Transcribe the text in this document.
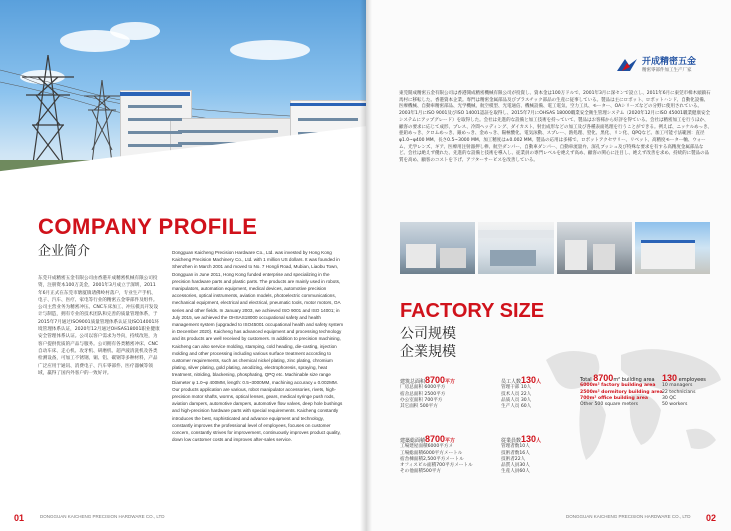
COMPANY PROFILE
企业简介
东莞开成精密五金有限公司由香港开成精密机械有限公司投资，注册资本100万美金，2001年3月成立于深圳，2011年6月正式在东莞市塘厦镇诸佛岭村落户，专业生产手机、电子、汽车、医疗、家电等行业的精密五金零部件及组件。公司主营业务为精密冲压、CNC车床加工、冲压模具开发设计与制造，拥有专业的技术团队和完善的质量管理体系，于2015年7月通过ISO9001质量管理体系认证及ISO14001环境管理体系认证，2020年12月通过OHSAS18001职业健康安全管理体系认证。公司以客户需求为导向，持续改进，为客户提供优质的产品与服务。公司拥有各类精密冲床、CNC自动车床、走心机、攻牙机、研磨机、超声波清洗机及各类检测设备，可加工不锈钢、铜、铝、碳钢等多种材料，产品广泛应用于通讯、消费电子、汽车零部件、医疗器械等领域，赢得了国内外客户的一致好评。
Dongguan Kaicheng Precision Hardware Co., Ltd. was invested by Hong Kong Kaicheng Precision Machinery Co., Ltd. with 1 million US dollars. It was founded in Shenzhen in March 2001 and moved to No. 7 Hongli Road, Mubian, Liaobu Town, Dongguan in June 2011, Hong Kong funded enterprise and specializing in the precision hardware parts and plastic parts. The products are mainly used in robots, manipulators, automation equipment, medical devices, automotive precision accessories, optical instruments, aviation models, photoelectric communications, mechanical equipment, electrical and electrical, pneumatic tools, motor motors, OA series and other fields. In January 2003, we achieved ISO 9001 and ISO 14001; in July 2015, we achieved the OHSAS18000 occupational safety and health management system (upgraded to ISO45001 occupational health and safety system in December 2020). Kaicheng has advanced equipment and processing technology and its products are well received by customers. In addition to precision machining, Kaicheng can also service molding, stamping, cold heading, die-casting, injection molding and other processing including various surface treatment according to customer requirements, such as chemical nickel plating, zinc plating, chromium plating, silver plating, gold plating, anodizing, electrophoresis, spraying, heat treatment, nitriding, blackening, phosphating, QPQ etc. Machinable size range Diameter φ 1.0~φ 400MM, length: 0.5~3000MM, machining accuracy ± 0.002MM. Our products application are various, robot manipulator accessories, rivets, high-precision motor shafts, worms, optical lenses, gears, medical syringe push rods, aviation dampers, automotive dampers, automotive flow valves, deep hole bushings and high-precision hardware parts with special requirements. Kaicheng constantly introduces the best, sophisticated and advance equipment and technology, constantly improves the professional level of employees, focuses on customer concern, constantly strives for improvement, continuously improves product quality, down low customer costs and improves after-sales service.
01	DONGGUAN KAICHENG PRECISION HARDWARE CO., LTD
开成精密五金
精密零部件加工生产厂家
東莞開成精密五金有限公司は香港開成精密機械有限公司が投資し、資本金は100万ドルで、2001年3月に深センで設立し、2011年6月に東莞市樟木頭鎮石馬村に移転した。香港資本企業。専門は精密金属部品及びプラスチック部品の生産に従事している。製品は主にロボット、ロボットハンド、自動化設備、医療機械、自動車精密部品、光学機械、航空模型、光電通信、機械設備、電工電気、空力工具、モーター、OAシリーズなどの分野に使用されている。2003年1月にISO 9001及びISO 14001認証を取得し、2015年7月にOHSAS 18000職業安全衛生管理システム（2020年12月にISO 45001職業健康安全システムにアップグレード）を取得した。会社は先進的な設備と加工技術を持っていて、製品はお客様から好評を得ている。会社は精密加工を行うほか、顧客の要求に応じて成形、プレス、冷間ヘッディング、ダイカスト、射出成形などの加工及び各種表面処理を行うことができる。例えば、ニッケルめっき、亜鉛めっき、クロムめっき、銀めっき、金めっき、陽極酸化、電気泳動、スプレー、熱処理、窒化、黒化、リン化、QPQなど。加工可能寸法範囲：直径φ1.0~φ400 MM、長さ0.5~3000 MM、加工精度は±0.002 MM。製品の応用は多様で、ロボットアクセサリー、リベット、高精度モーター軸、ウォーム、光学レンズ、ギア、医療用注射器押し棒、航空ダンパー、自動車ダンパー、自動車流量弁、深孔ブッシュ及び特殊な要求を有する高精度金属部品など。会社は絶えず優れた、先進的な設備と技術を導入し、従業員の専門レベルを絶えず高め、顧客の関心に注目し、絶えず改善を求め、持続的に製品の品質を高め、顧客のコストを下げ、アフターサービスを改善している。
FACTORY SIZE
公司规模
企業規模
建筑总面积8700平方
厂房总面积 6000平方
宿舍总面积 2500平方
办公室面积 700平方
其它面积 500平方
员工人数130人
管理干部 10人
技术人员 22人
品质人员 30人
生产人员 60人
Total 8700m² building area
6000m² factory building area
2500m² dormitory building area
700m² office building area
Other 500 square meters
130 employees
10 managers
22 technicians
30 QC
50 workers
建築総面積8700平方
工場建屋面積6000平方メ
工場総面積6000平方メートル
宿舎棟面積2,500平方メートル
オフィスビル面積700平方メートル
その他面積500平方
従業員数130人
管理者数10人
技術者数16人
技術者22人
品質人員30人
生産人員60人
DONGGUAN KAICHENG PRECISION HARDWARE CO., LTD 02
